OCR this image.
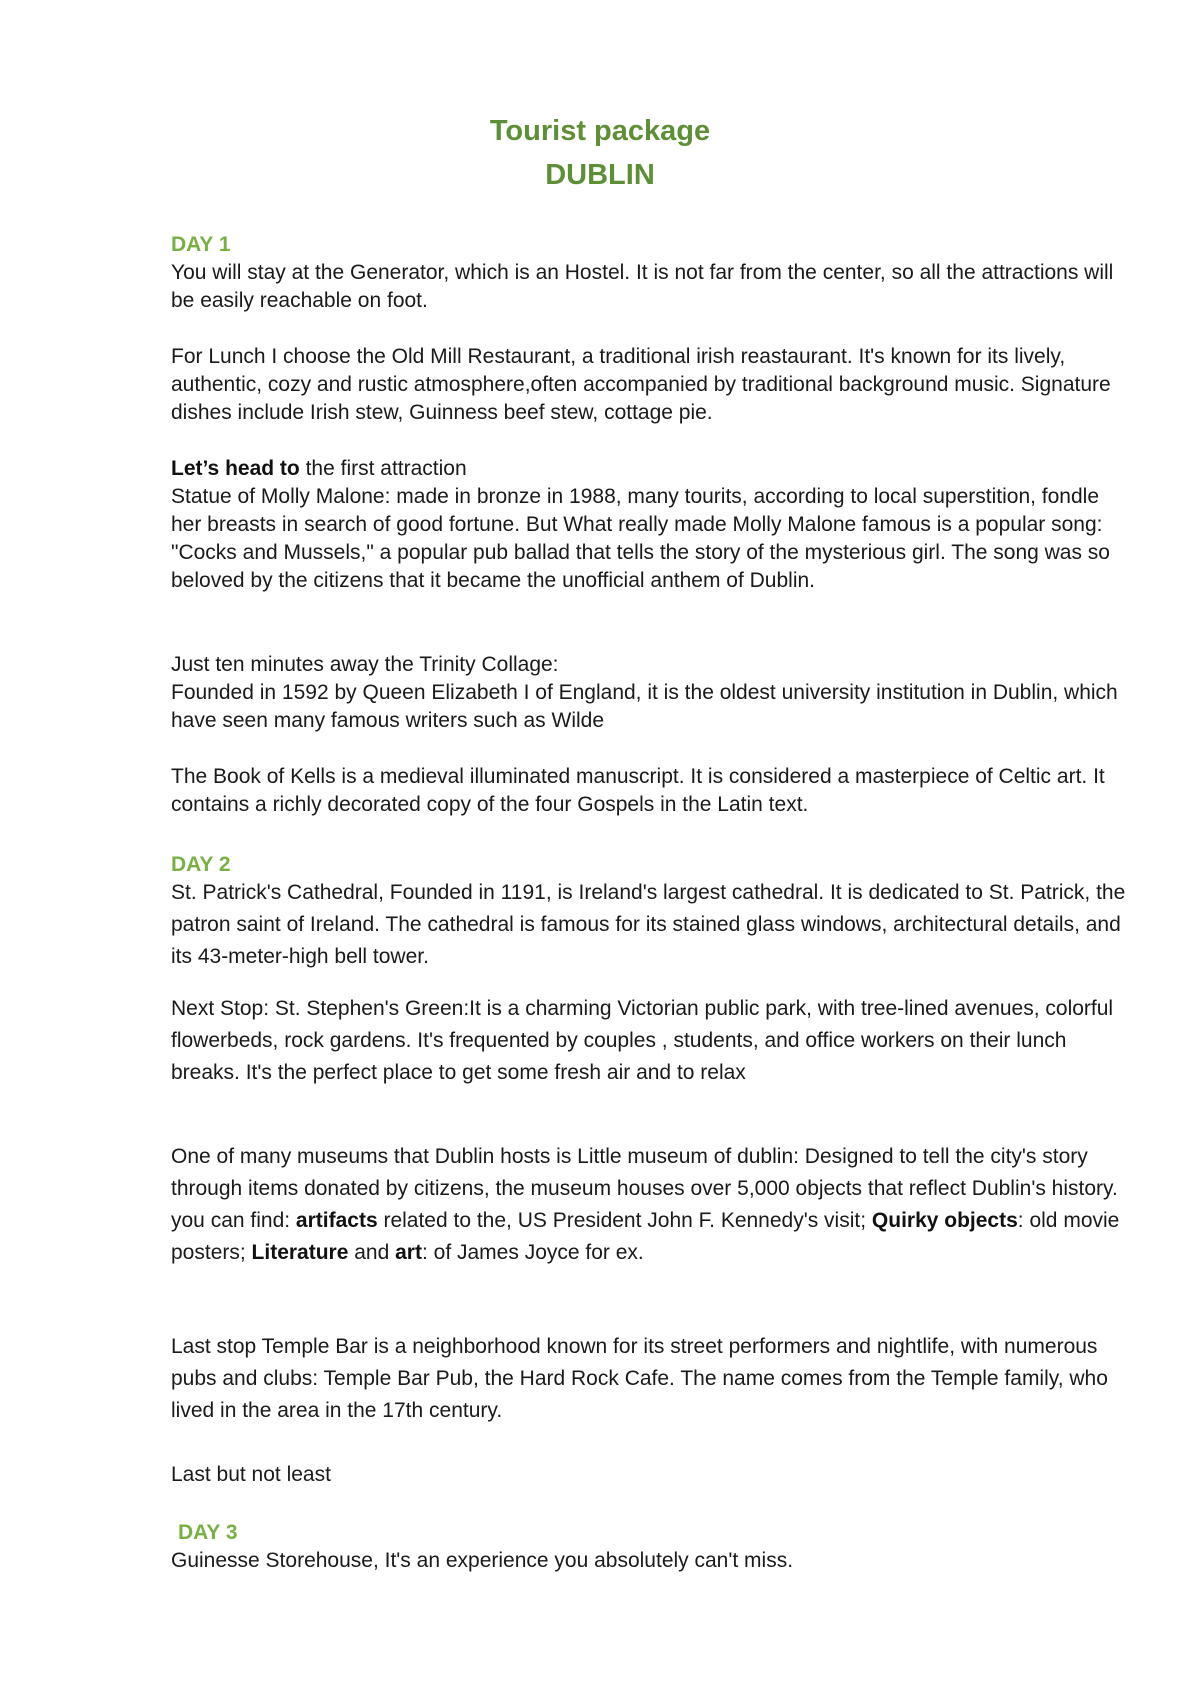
Tourist package
DUBLIN
DAY 1

You will stay at the Generator, which is an Hostel. It is not far from the center, so all the attractions will be easily reachable on foot.

For Lunch I choose the Old Mill Restaurant, a traditional irish reastaurant. It's known for its lively, authentic, cozy and rustic atmosphere,often accompanied by traditional background music. Signature dishes include Irish stew, Guinness beef stew, cottage pie.

Let’s head to the first attraction

Statue of Molly Malone: made in bronze in 1988, many tourits, according to local superstition, fondle her breasts in search of good fortune. But What really made Molly Malone famous is a popular song: "Cocks and Mussels," a popular pub ballad that tells the story of the mysterious girl. The song was so beloved by the citizens that it became the unofficial anthem of Dublin.

Just ten minutes away the Trinity Collage:

Founded in 1592 by Queen Elizabeth I of England, it is the oldest university institution in Dublin, which have seen many famous writers such as Wilde

The Book of Kells is a medieval illuminated manuscript. It is considered a masterpiece of Celtic art. It contains a richly decorated copy of the four Gospels in the Latin text.

DAY 2

St. Patrick's Cathedral, Founded in 1191, is Ireland's largest cathedral. It is dedicated to St. Patrick, the patron saint of Ireland. The cathedral is famous for its stained glass windows, architectural details, and its 43-meter-high bell tower.

Next Stop: St. Stephen's Green:It is a charming Victorian public park, with tree-lined avenues, colorful flowerbeds, rock gardens. It's frequented by couples , students, and office workers on their lunch breaks. It's the perfect place to get some fresh air and to relax

One of many museums that Dublin hosts is Little museum of dublin: Designed to tell the city's story through items donated by citizens, the museum houses over 5,000 objects that reflect Dublin's history. you can find: artifacts related to the, US President John F. Kennedy's visit; Quirky objects: old movie posters; Literature and art: of James Joyce for ex.

Last stop Temple Bar is a neighborhood known for its street performers and nightlife, with numerous pubs and clubs: Temple Bar Pub, the Hard Rock Cafe. The name comes from the Temple family, who lived in the area in the 17th century.

Last but not least

DAY 3

Guinesse Storehouse, It's an experience you absolutely can't miss.
